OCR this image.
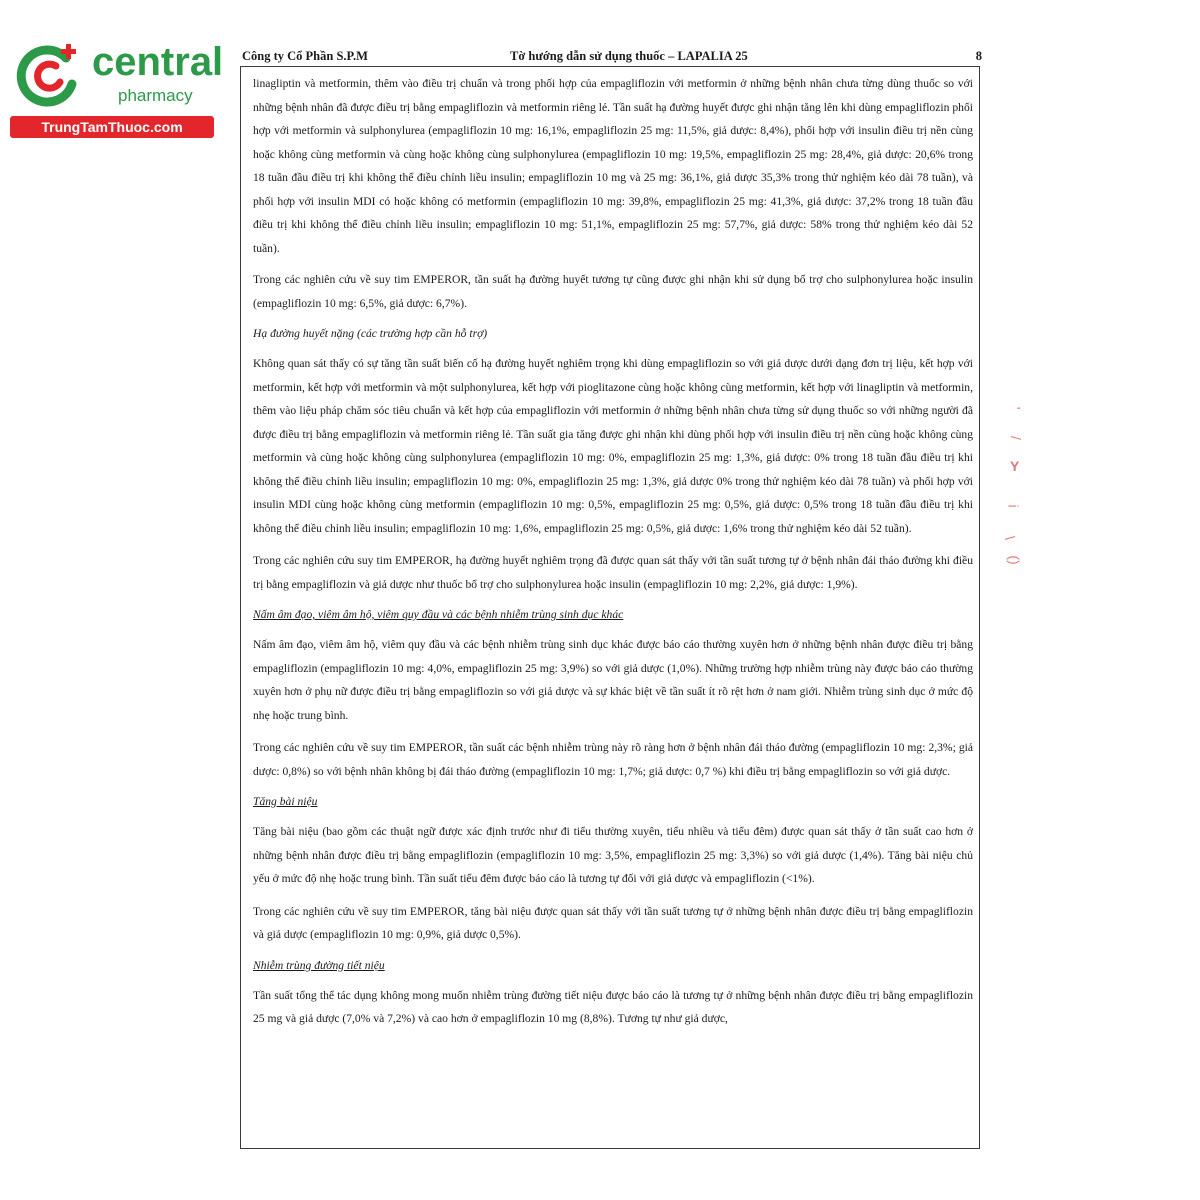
central
pharmacy
TrungTamThuoc.com
Công ty Cổ Phần S.P.M	Tờ hướng dẫn sử dụng thuốc – LAPALIA 25	8

linagliptin và metformin, thêm vào điều trị chuẩn và trong phối hợp của empagliflozin với metformin ở những bệnh nhân chưa từng dùng thuốc so với những bệnh nhân đã được điều trị bằng empagliflozin và metformin riêng lẻ. Tần suất hạ đường huyết được ghi nhận tăng lên khi dùng empagliflozin phối hợp với metformin và sulphonylurea (empagliflozin 10 mg: 16,1%, empagliflozin 25 mg: 11,5%, giả dược: 8,4%), phối hợp với insulin điều trị nền cùng hoặc không cùng metformin và cùng hoặc không cùng sulphonylurea (empagliflozin 10 mg: 19,5%, empagliflozin 25 mg: 28,4%, giả dược: 20,6% trong 18 tuần đầu điều trị khi không thể điều chỉnh liều insulin; empagliflozin 10 mg và 25 mg: 36,1%, giả dược 35,3% trong thử nghiệm kéo dài 78 tuần), và phối hợp với insulin MDI có hoặc không có metformin (empagliflozin 10 mg: 39,8%, empagliflozin 25 mg: 41,3%, giả dược: 37,2% trong 18 tuần đầu điều trị khi không thể điều chỉnh liều insulin; empagliflozin 10 mg: 51,1%, empagliflozin 25 mg: 57,7%, giả dược: 58% trong thử nghiệm kéo dài 52 tuần).

Trong các nghiên cứu về suy tim EMPEROR, tần suất hạ đường huyết tương tự cũng được ghi nhận khi sử dụng bổ trợ cho sulphonylurea hoặc insulin (empagliflozin 10 mg: 6,5%, giả dược: 6,7%).

Hạ đường huyết nặng (các trường hợp cần hỗ trợ)

Không quan sát thấy có sự tăng tần suất biến cố hạ đường huyết nghiêm trọng khi dùng empagliflozin so với giả dược dưới dạng đơn trị liệu, kết hợp với metformin, kết hợp với metformin và một sulphonylurea, kết hợp với pioglitazone cùng hoặc không cùng metformin, kết hợp với linagliptin và metformin, thêm vào liệu pháp chăm sóc tiêu chuẩn và kết hợp của empagliflozin với metformin ở những bệnh nhân chưa từng sử dụng thuốc so với những người đã được điều trị bằng empagliflozin và metformin riêng lẻ. Tần suất gia tăng được ghi nhận khi dùng phối hợp với insulin điều trị nền cùng hoặc không cùng metformin và cùng hoặc không cùng sulphonylurea (empagliflozin 10 mg: 0%, empagliflozin 25 mg: 1,3%, giả dược: 0% trong 18 tuần đầu điều trị khi không thể điều chỉnh liều insulin; empagliflozin 10 mg: 0%, empagliflozin 25 mg: 1,3%, giả dược 0% trong thử nghiệm kéo dài 78 tuần) và phối hợp với insulin MDI cùng hoặc không cùng metformin (empagliflozin 10 mg: 0,5%, empagliflozin 25 mg: 0,5%, giả dược: 0,5% trong 18 tuần đầu điều trị khi không thể điều chỉnh liều insulin; empagliflozin 10 mg: 1,6%, empagliflozin 25 mg: 0,5%, giả dược: 1,6% trong thử nghiệm kéo dài 52 tuần).

Trong các nghiên cứu suy tim EMPEROR, hạ đường huyết nghiêm trọng đã được quan sát thấy với tần suất tương tự ở bệnh nhân đái tháo đường khi điều trị bằng empagliflozin và giả dược như thuốc bổ trợ cho sulphonylurea hoặc insulin (empagliflozin 10 mg: 2,2%, giả dược: 1,9%).

Nấm âm đạo, viêm âm hộ, viêm quy đầu và các bệnh nhiễm trùng sinh dục khác

Nấm âm đạo, viêm âm hộ, viêm quy đầu và các bệnh nhiễm trùng sinh dục khác được báo cáo thường xuyên hơn ở những bệnh nhân được điều trị bằng empagliflozin (empagliflozin 10 mg: 4,0%, empagliflozin 25 mg: 3,9%) so với giả dược (1,0%). Những trường hợp nhiễm trùng này được báo cáo thường xuyên hơn ở phụ nữ được điều trị bằng empagliflozin so với giả dược và sự khác biệt về tần suất ít rõ rệt hơn ở nam giới. Nhiễm trùng sinh dục ở mức độ nhẹ hoặc trung bình.

Trong các nghiên cứu về suy tim EMPEROR, tần suất các bệnh nhiễm trùng này rõ ràng hơn ở bệnh nhân đái tháo đường (empagliflozin 10 mg: 2,3%; giả dược: 0,8%) so với bệnh nhân không bị đái tháo đường (empagliflozin 10 mg: 1,7%; giả dược: 0,7 %) khi điều trị bằng empagliflozin so với giả dược.

Tăng bài niệu

Tăng bài niệu (bao gồm các thuật ngữ được xác định trước như đi tiểu thường xuyên, tiểu nhiều và tiểu đêm) được quan sát thấy ở tần suất cao hơn ở những bệnh nhân được điều trị bằng empagliflozin (empagliflozin 10 mg: 3,5%, empagliflozin 25 mg: 3,3%) so với giả dược (1,4%). Tăng bài niệu chủ yếu ở mức độ nhẹ hoặc trung bình. Tần suất tiểu đêm được báo cáo là tương tự đối với giả dược và empagliflozin (<1%).

Trong các nghiên cứu về suy tim EMPEROR, tăng bài niệu được quan sát thấy với tần suất tương tự ở những bệnh nhân được điều trị bằng empagliflozin và giả dược (empagliflozin 10 mg: 0,9%, giả dược 0,5%).

Nhiễm trùng đường tiết niệu

Tần suất tổng thể tác dụng không mong muốn nhiễm trùng đường tiết niệu được báo cáo là tương tự ở những bệnh nhân được điều trị bằng empagliflozin 25 mg và giả dược (7,0% và 7,2%) và cao hơn ở empagliflozin 10 mg (8,8%). Tương tự như giả dược,

’
/
Y
i
\
()
